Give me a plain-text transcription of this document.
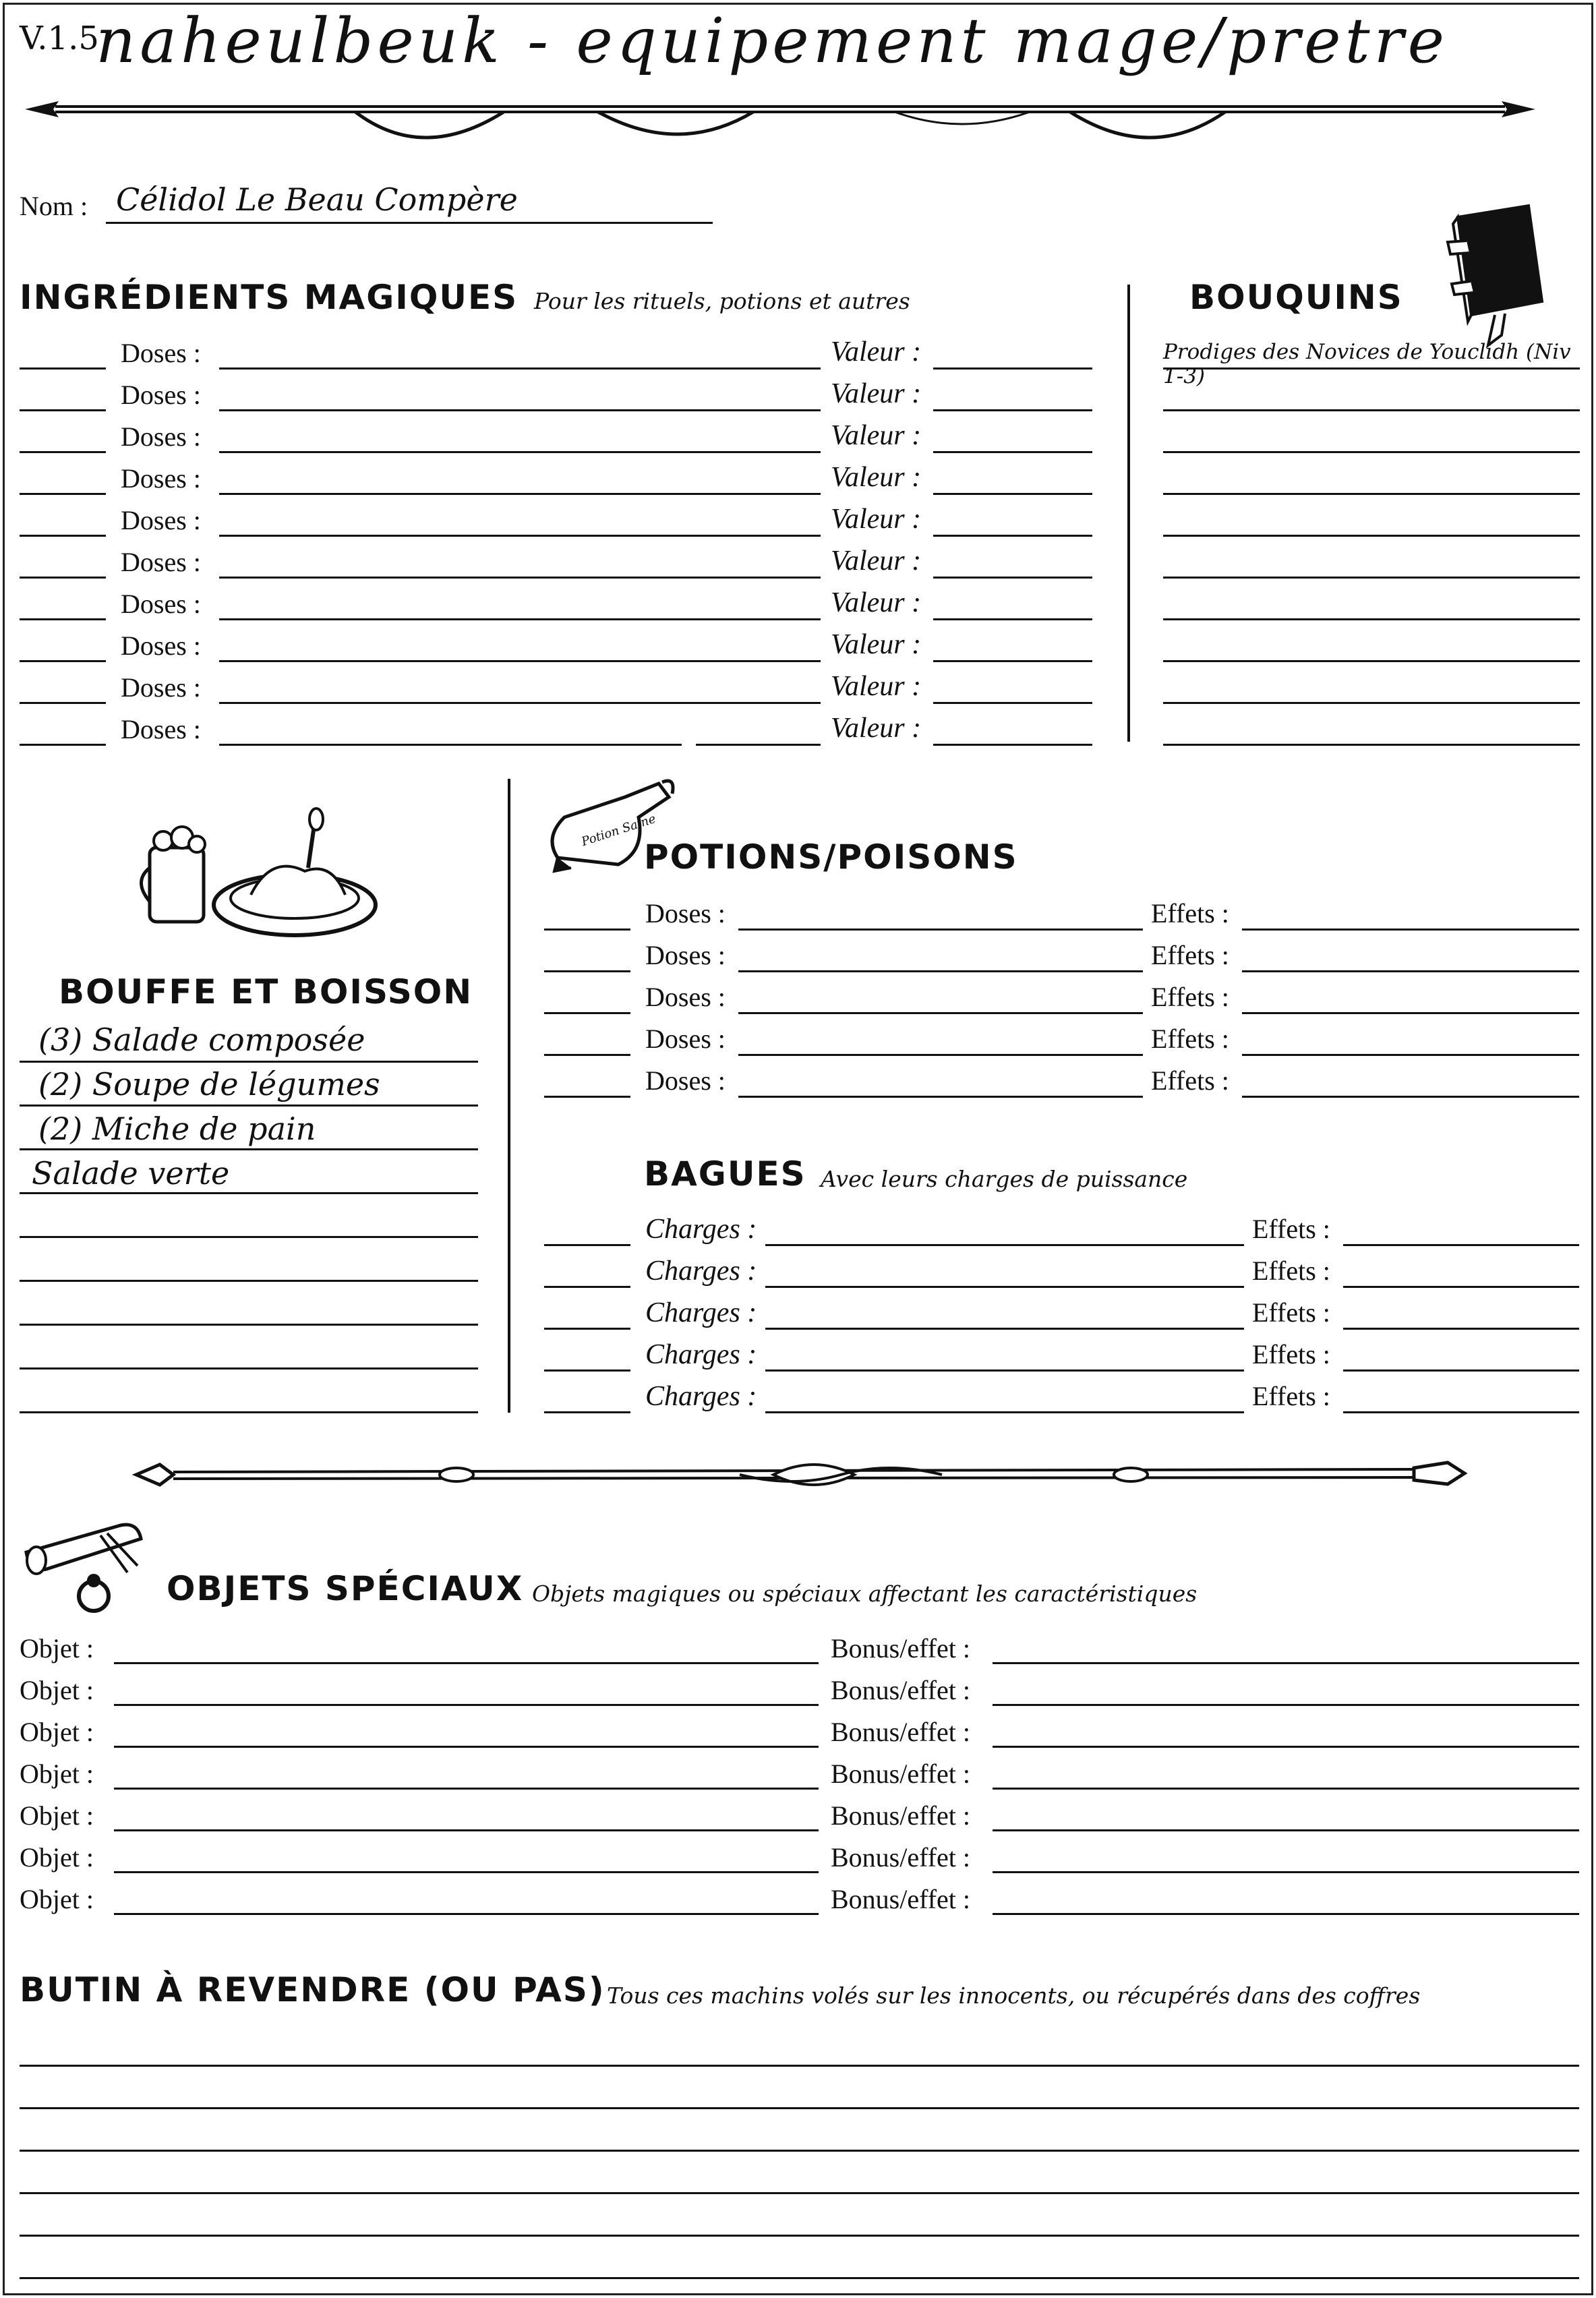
V.1.5
naheulbeuk - equipement mage/pretre
Nom : Célidol Le Beau Compère
INGRÉDIENTS MAGIQUES Pour les rituels, potions et autres
Doses :	Valeur :
Doses :	Valeur :
Doses :	Valeur :
Doses :	Valeur :
Doses :	Valeur :
Doses :	Valeur :
Doses :	Valeur :
Doses :	Valeur :
Doses :	Valeur :
Doses :	Valeur :
BOUQUINS
Prodiges des Novices de Youclidh (Niv 1-3)
BOUFFE ET BOISSON
(3) Salade composée
(2) Soupe de légumes
(2) Miche de pain
Salade verte
Potion Saine
POTIONS/POISONS
Doses :	Effets :
Doses :	Effets :
Doses :	Effets :
Doses :	Effets :
Doses :	Effets :
BAGUES Avec leurs charges de puissance
Charges :	Effets :
Charges :	Effets :
Charges :	Effets :
Charges :	Effets :
Charges :	Effets :
OBJETS SPÉCIAUX Objets magiques ou spéciaux affectant les caractéristiques
Objet :	Bonus/effet :
Objet :	Bonus/effet :
Objet :	Bonus/effet :
Objet :	Bonus/effet :
Objet :	Bonus/effet :
Objet :	Bonus/effet :
Objet :	Bonus/effet :
BUTIN À REVENDRE (OU PAS) Tous ces machins volés sur les innocents, ou récupérés dans des coffres
